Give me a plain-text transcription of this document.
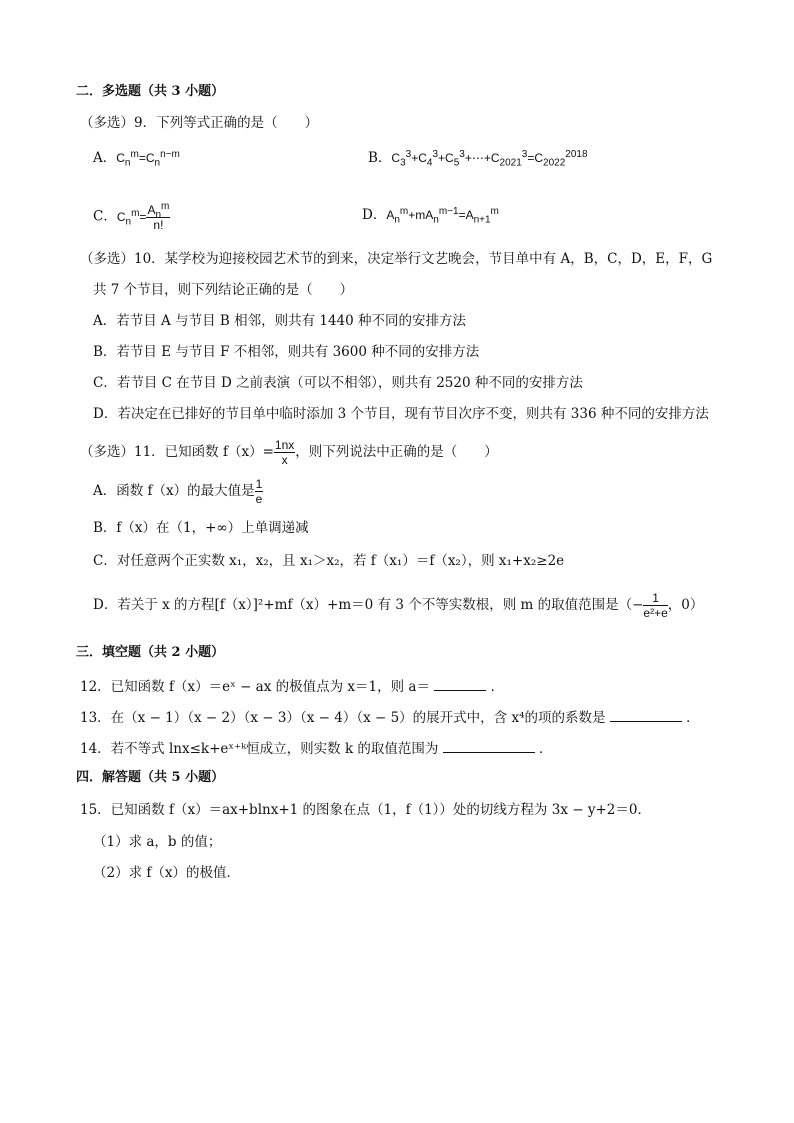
二．多选题（共 3 小题）
（多选）9．下列等式正确的是（　　）
A．$C_n^m=C_n^{n-m}$	B．$C_3^3+C_4^3+C_5^3+\cdots+C_{2021}^3=C_{2022}^{2018}$
C．$C_n^m= \frac{A_n^m}{n!}$	D．$A_n^m+mA_n^{m-1}=A_{n+1}^m$
（多选）10．某学校为迎接校园艺术节的到来，决定举行文艺晚会，节目单中有 A，B，C，D，E，F，G
共 7 个节目，则下列结论正确的是（　　）
A．若节目 A 与节目 B 相邻，则共有 1440 种不同的安排方法
B．若节目 E 与节目 F 不相邻，则共有 3600 种不同的安排方法
C．若节目 C 在节目 D 之前表演（可以不相邻），则共有 2520 种不同的安排方法
D．若决定在已排好的节目单中临时添加 3 个节目，现有节目次序不变，则共有 336 种不同的安排方法
（多选）11．已知函数 $f(x)= \frac{1nx}{x}$ ，则下列说法中正确的是（　　）
A．函数 f（x）的最大值是 $\frac{1}{e}$
B．f（x）在（1，+∞）上单调递减
C．对任意两个正实数 x₁，x₂，且 x₁＞x₂，若 f（x₁）＝f（x₂），则 x₁+x₂≥2e
D．若关于 x 的方程[f（x）]²+mf（x）+m＝0 有 3 个不等实数根，则 m 的取值范围是（− $\frac{1}{\text{e²+e}}$ ，0）
三．填空题（共 2 小题）
12．已知函数 f（x）＝eˣ − ax 的极值点为 x＝1，则 a＝	．
13．在（x − 1）（x − 2）（x − 3）（x − 4）（x − 5）的展开式中，含 x⁴的项的系数是	．
14．若不等式 lnx≤k+eˣ⁺ᵏ恒成立，则实数 k 的取值范围为	．
四．解答题（共 5 小题）
15．已知函数 f（x）＝ax+blnx+1 的图象在点（1，f（1））处的切线方程为 3x − y+2＝0．
（1）求 a，b 的值；
（2）求 f（x）的极值．
